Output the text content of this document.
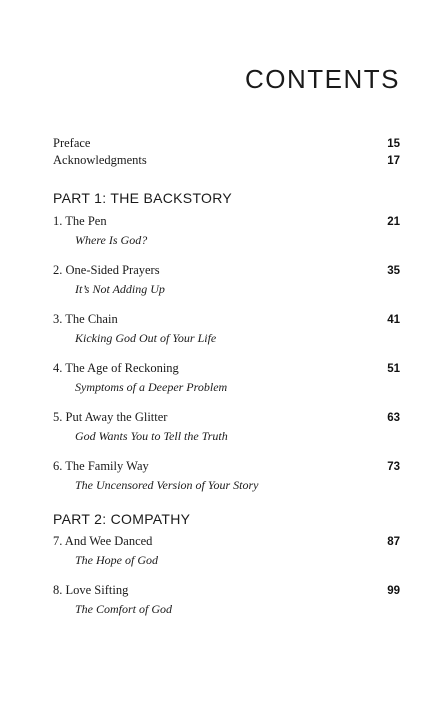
CONTENTS
Preface	15
Acknowledgments	17
PART 1: THE BACKSTORY
1. The Pen	21
Where Is God?
2. One-Sided Prayers	35
It’s Not Adding Up
3. The Chain	41
Kicking God Out of Your Life
4. The Age of Reckoning	51
Symptoms of a Deeper Problem
5. Put Away the Glitter	63
God Wants You to Tell the Truth
6. The Family Way	73
The Uncensored Version of Your Story
PART 2: COMPATHY
7. And Wee Danced	87
The Hope of God
8. Love Sifting	99
The Comfort of God
